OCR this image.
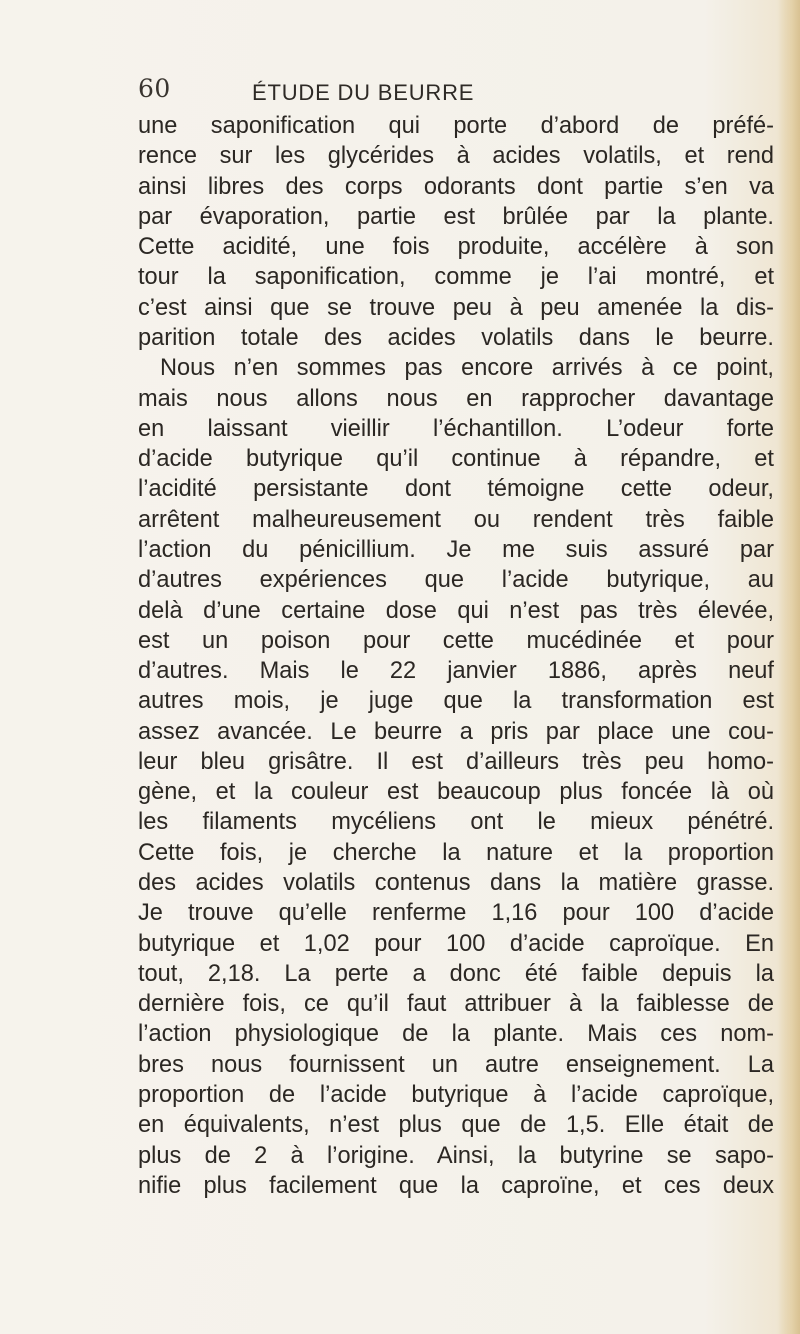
60	ÉTUDE DU BEURRE
une saponification qui porte d’abord de préfé-
rence sur les glycérides à acides volatils, et rend
ainsi libres des corps odorants dont partie s’en va
par évaporation, partie est brûlée par la plante.
Cette acidité, une fois produite, accélère à son
tour la saponification, comme je l’ai montré, et
c’est ainsi que se trouve peu à peu amenée la dis-
parition totale des acides volatils dans le beurre.
Nous n’en sommes pas encore arrivés à ce point,
mais nous allons nous en rapprocher davantage
en laissant vieillir l’échantillon. L’odeur forte
d’acide butyrique qu’il continue à répandre, et
l’acidité persistante dont témoigne cette odeur,
arrêtent malheureusement ou rendent très faible
l’action du pénicillium. Je me suis assuré par
d’autres expériences que l’acide butyrique, au
delà d’une certaine dose qui n’est pas très élevée,
est un poison pour cette mucédinée et pour
d’autres. Mais le 22 janvier 1886, après neuf
autres mois, je juge que la transformation est
assez avancée. Le beurre a pris par place une cou-
leur bleu grisâtre. Il est d’ailleurs très peu homo-
gène, et la couleur est beaucoup plus foncée là où
les filaments mycéliens ont le mieux pénétré.
Cette fois, je cherche la nature et la proportion
des acides volatils contenus dans la matière grasse.
Je trouve qu’elle renferme 1,16 pour 100 d’acide
butyrique et 1,02 pour 100 d’acide caproïque. En
tout, 2,18. La perte a donc été faible depuis la
dernière fois, ce qu’il faut attribuer à la faiblesse de
l’action physiologique de la plante. Mais ces nom-
bres nous fournissent un autre enseignement. La
proportion de l’acide butyrique à l’acide caproïque,
en équivalents, n’est plus que de 1,5. Elle était de
plus de 2 à l’origine. Ainsi, la butyrine se sapo-
nifie plus facilement que la caproïne, et ces deux
